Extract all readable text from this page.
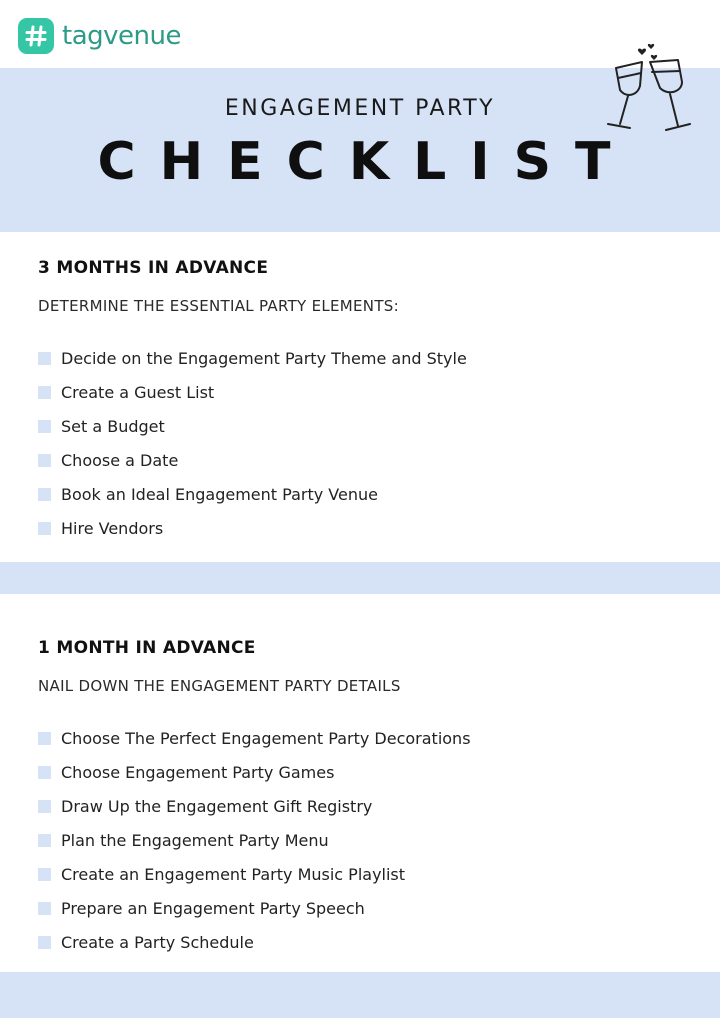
tagvenue
ENGAGEMENT PARTY
CHECKLIST
3 MONTHS IN ADVANCE
DETERMINE THE ESSENTIAL PARTY ELEMENTS:
Decide on the Engagement Party Theme and Style
Create a Guest List
Set a Budget
Choose a Date
Book an Ideal Engagement Party Venue
Hire Vendors
1 MONTH IN ADVANCE
NAIL DOWN THE ENGAGEMENT PARTY DETAILS
Choose The Perfect Engagement Party Decorations
Choose Engagement Party Games
Draw Up the Engagement Gift Registry
Plan the Engagement Party Menu
Create an Engagement Party Music Playlist
Prepare an Engagement Party Speech
Create a Party Schedule
